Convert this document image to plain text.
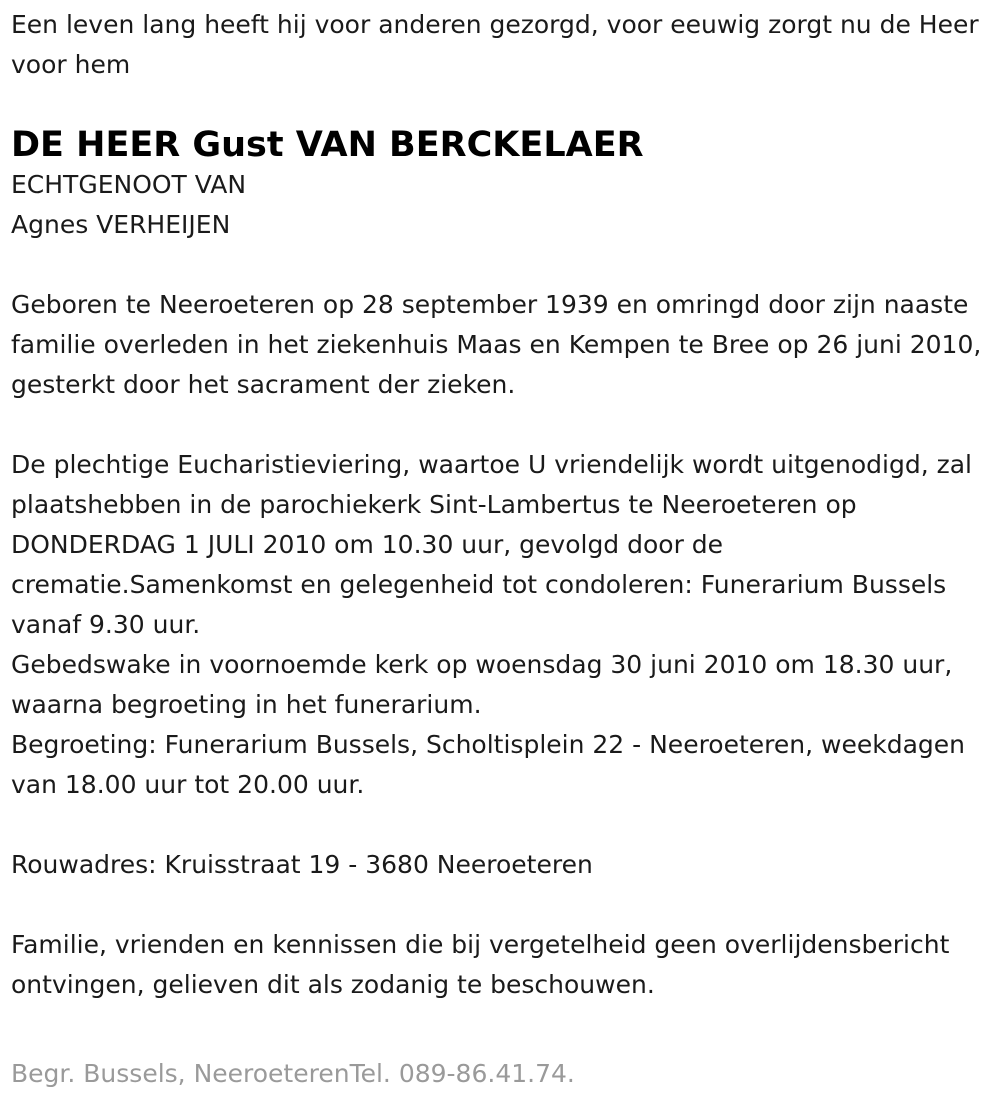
Een leven lang heeft hij voor anderen gezorgd, voor eeuwig zorgt nu de Heer voor hem

DE HEER Gust VAN BERCKELAER

ECHTGENOOT VAN

Agnes VERHEIJEN

Geboren te Neeroeteren op 28 september 1939 en omringd door zijn naaste familie overleden in het ziekenhuis Maas en Kempen te Bree op 26 juni 2010, gesterkt door het sacrament der zieken.

De plechtige Eucharistieviering, waartoe U vriendelijk wordt uitgenodigd, zal plaatshebben in de parochiekerk Sint-Lambertus te Neeroeteren op DONDERDAG 1 JULI 2010 om 10.30 uur, gevolgd door de crematie.Samenkomst en gelegenheid tot condoleren: Funerarium Bussels vanaf 9.30 uur.

Gebedswake in voornoemde kerk op woensdag 30 juni 2010 om 18.30 uur, waarna begroeting in het funerarium.

Begroeting: Funerarium Bussels, Scholtisplein 22 - Neeroeteren, weekdagen van 18.00 uur tot 20.00 uur.

Rouwadres: Kruisstraat 19 - 3680 Neeroeteren

Familie, vrienden en kennissen die bij vergetelheid geen overlijdensbericht ontvingen, gelieven dit als zodanig te beschouwen.

Begr. Bussels, NeeroeterenTel. 089-86.41.74.
